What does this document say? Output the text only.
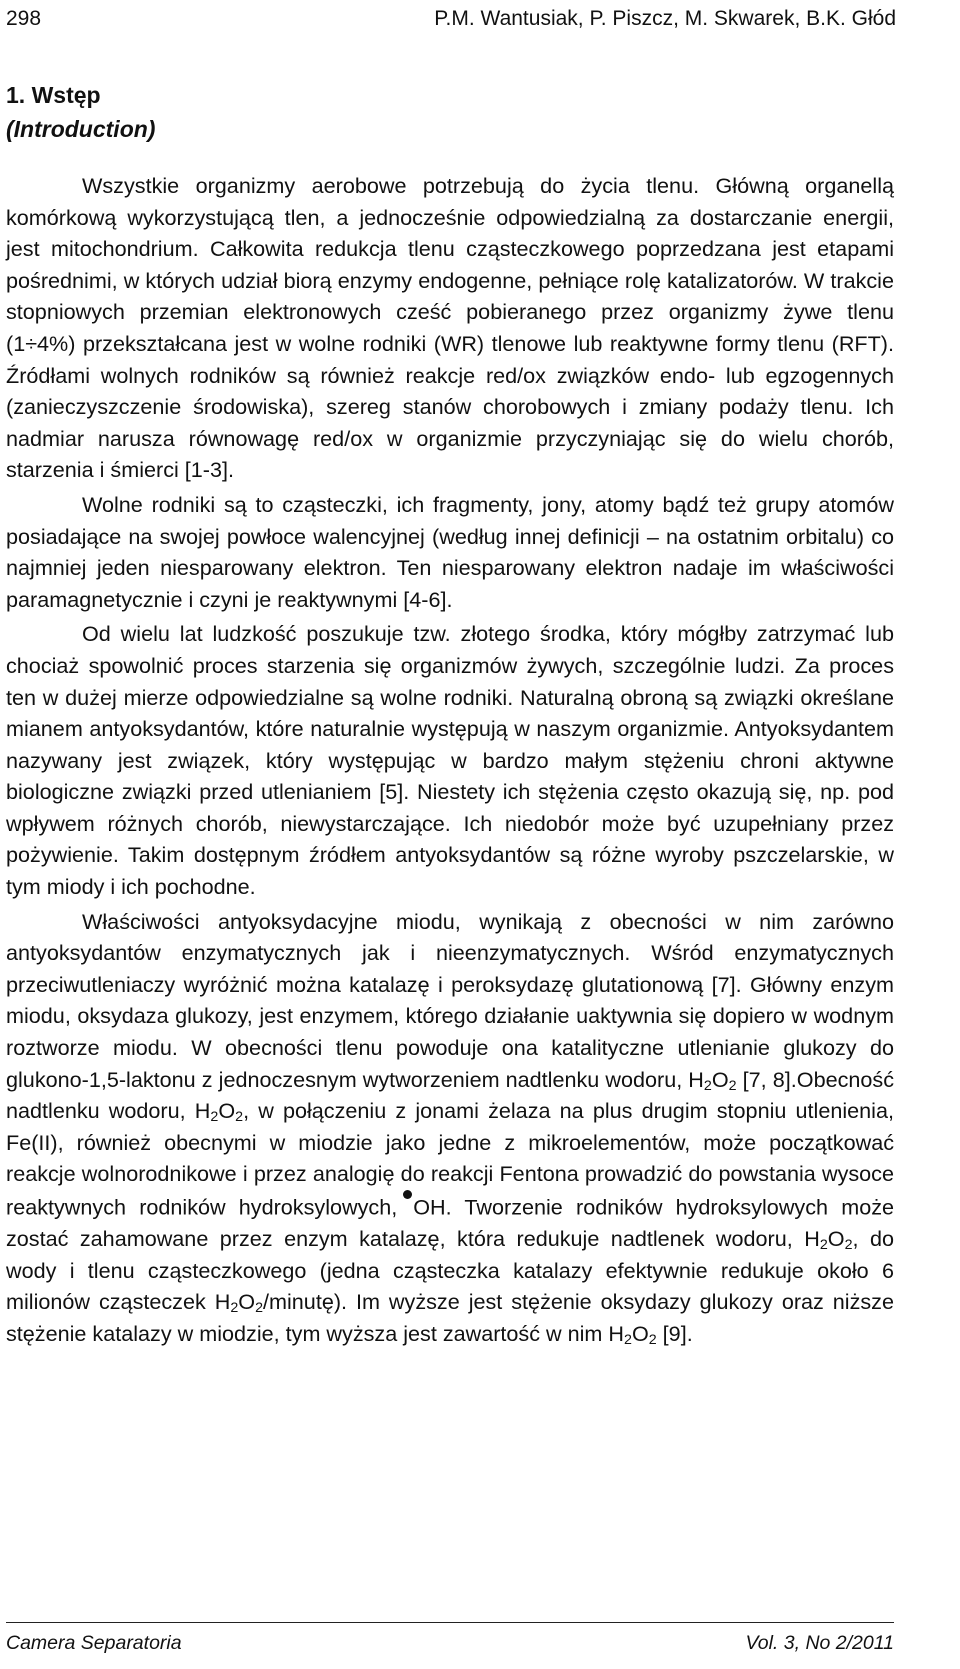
298	P.M. Wantusiak, P. Piszcz, M. Skwarek, B.K. Głód
1. Wstęp
(Introduction)

Wszystkie organizmy aerobowe potrzebują do życia tlenu. Główną organellą komórkową wykorzystującą tlen, a jednocześnie odpowiedzialną za dostarczanie energii, jest mitochondrium. Całkowita redukcja tlenu cząsteczkowego poprzedzana jest etapami pośrednimi, w których udział biorą enzymy endogenne, pełniące rolę katalizatorów. W trakcie stopniowych przemian elektronowych cześć pobieranego przez organizmy żywe tlenu (1÷4%) przekształcana jest w wolne rodniki (WR) tlenowe lub reaktywne formy tlenu (RFT). Źródłami wolnych rodników są również reakcje red/ox związków endo- lub egzogennych (zanieczyszczenie środowiska), szereg stanów chorobowych i zmiany podaży tlenu. Ich nadmiar narusza równowagę red/ox w organizmie przyczyniając się do wielu chorób, starzenia i śmierci [1-3].

Wolne rodniki są to cząsteczki, ich fragmenty, jony, atomy bądź też grupy atomów posiadające na swojej powłoce walencyjnej (według innej definicji – na ostatnim orbitalu) co najmniej jeden niesparowany elektron. Ten niesparowany elektron nadaje im właściwości paramagnetycznie i czyni je reaktywnymi [4-6].

Od wielu lat ludzkość poszukuje tzw. złotego środka, który mógłby zatrzymać lub chociaż spowolnić proces starzenia się organizmów żywych, szczególnie ludzi. Za proces ten w dużej mierze odpowiedzialne są wolne rodniki. Naturalną obroną są związki określane mianem antyoksydantów, które naturalnie występują w naszym organizmie. Antyoksydantem nazywany jest związek, który występując w bardzo małym stężeniu chroni aktywne biologiczne związki przed utlenianiem [5]. Niestety ich stężenia często okazują się, np. pod wpływem różnych chorób, niewystarczające. Ich niedobór może być uzupełniany przez pożywienie. Takim dostępnym źródłem antyoksydantów są różne wyroby pszczelarskie, w tym miody i ich pochodne.

Właściwości antyoksydacyjne miodu, wynikają z obecności w nim zarówno antyoksydantów enzymatycznych jak i nieenzymatycznych. Wśród enzymatycznych przeciwutleniaczy wyróżnić można katalazę i peroksydazę glutationową [7]. Główny enzym miodu, oksydaza glukozy, jest enzymem, którego działanie uaktywnia się dopiero w wodnym roztworze miodu. W obecności tlenu powoduje ona katalityczne utlenianie glukozy do glukono-1,5-laktonu z jednoczesnym wytworzeniem nadtlenku wodoru, $H_2O_2$ [7, 8].Obecność nadtlenku wodoru, $H_2O_2$, w połączeniu z jonami żelaza na plus drugim stopniu utlenienia, Fe(II), również obecnymi w miodzie jako jedne z mikroelementów, może początkować reakcje wolnorodnikowe i przez analogię do reakcji Fentona prowadzić do powstania wysoce reaktywnych rodników hydroksylowych, OH. Tworzenie rodników hydroksylowych może zostać zahamowane przez enzym katalazę, która redukuje nadtlenek wodoru, $H_2O_2$, do wody i tlenu cząsteczkowego (jedna cząsteczka katalazy efektywnie redukuje około 6 milionów cząsteczek $H_2O_2/minutę$). Im wyższe jest stężenie oksydazy glukozy oraz niższe stężenie katalazy w miodzie, tym wyższa jest zawartość w nim $H_2O_2$ [9].

Camera Separatoria	Vol. 3, No 2/2011
